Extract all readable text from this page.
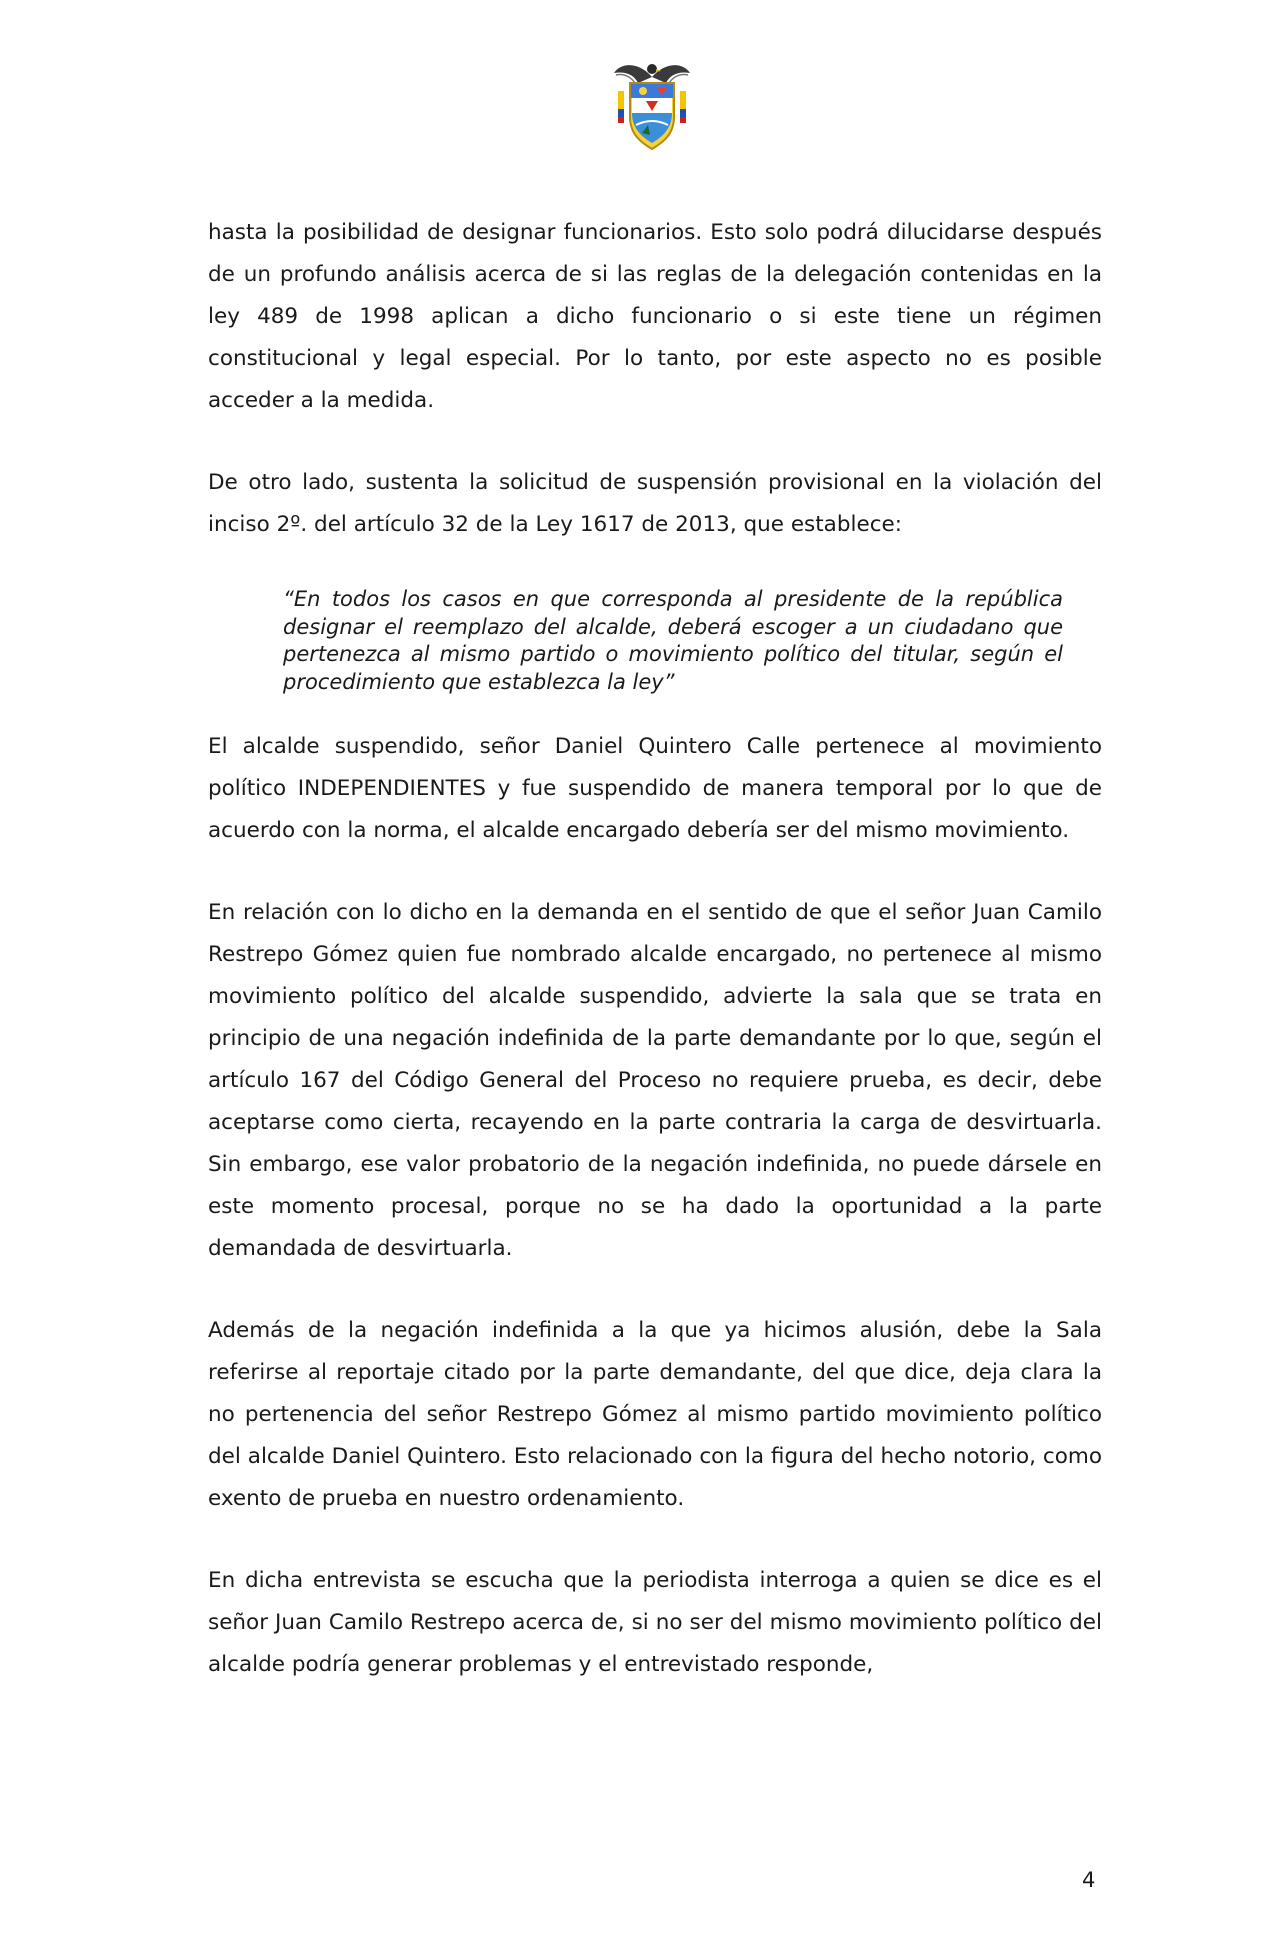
hasta la posibilidad de designar funcionarios. Esto solo podrá dilucidarse después de un profundo análisis acerca de si las reglas de la delegación contenidas en la ley 489 de 1998 aplican a dicho funcionario o si este tiene un régimen constitucional y legal especial. Por lo tanto, por este aspecto no es posible acceder a la medida.

De otro lado, sustenta la solicitud de suspensión provisional en la violación del inciso 2º. del artículo 32 de la Ley 1617 de 2013, que establece:

“En todos los casos en que corresponda al presidente de la república designar el reemplazo del alcalde, deberá escoger a un ciudadano que pertenezca al mismo partido o movimiento político del titular, según el procedimiento que establezca la ley”

El alcalde suspendido, señor Daniel Quintero Calle pertenece al movimiento político INDEPENDIENTES y fue suspendido de manera temporal por lo que de acuerdo con la norma, el alcalde encargado debería ser del mismo movimiento.

En relación con lo dicho en la demanda en el sentido de que el señor Juan Camilo Restrepo Gómez quien fue nombrado alcalde encargado, no pertenece al mismo movimiento político del alcalde suspendido, advierte la sala que se trata en principio de una negación indefinida de la parte demandante por lo que, según el artículo 167 del Código General del Proceso no requiere prueba, es decir, debe aceptarse como cierta, recayendo en la parte contraria la carga de desvirtuarla. Sin embargo, ese valor probatorio de la negación indefinida, no puede dársele en este momento procesal, porque no se ha dado la oportunidad a la parte demandada de desvirtuarla.

Además de la negación indefinida a la que ya hicimos alusión, debe la Sala referirse al reportaje citado por la parte demandante, del que dice, deja clara la no pertenencia del señor Restrepo Gómez al mismo partido movimiento político del alcalde Daniel Quintero. Esto relacionado con la figura del hecho notorio, como exento de prueba en nuestro ordenamiento.

En dicha entrevista se escucha que la periodista interroga a quien se dice es el señor Juan Camilo Restrepo acerca de, si no ser del mismo movimiento político del alcalde podría generar problemas y el entrevistado responde,

4
